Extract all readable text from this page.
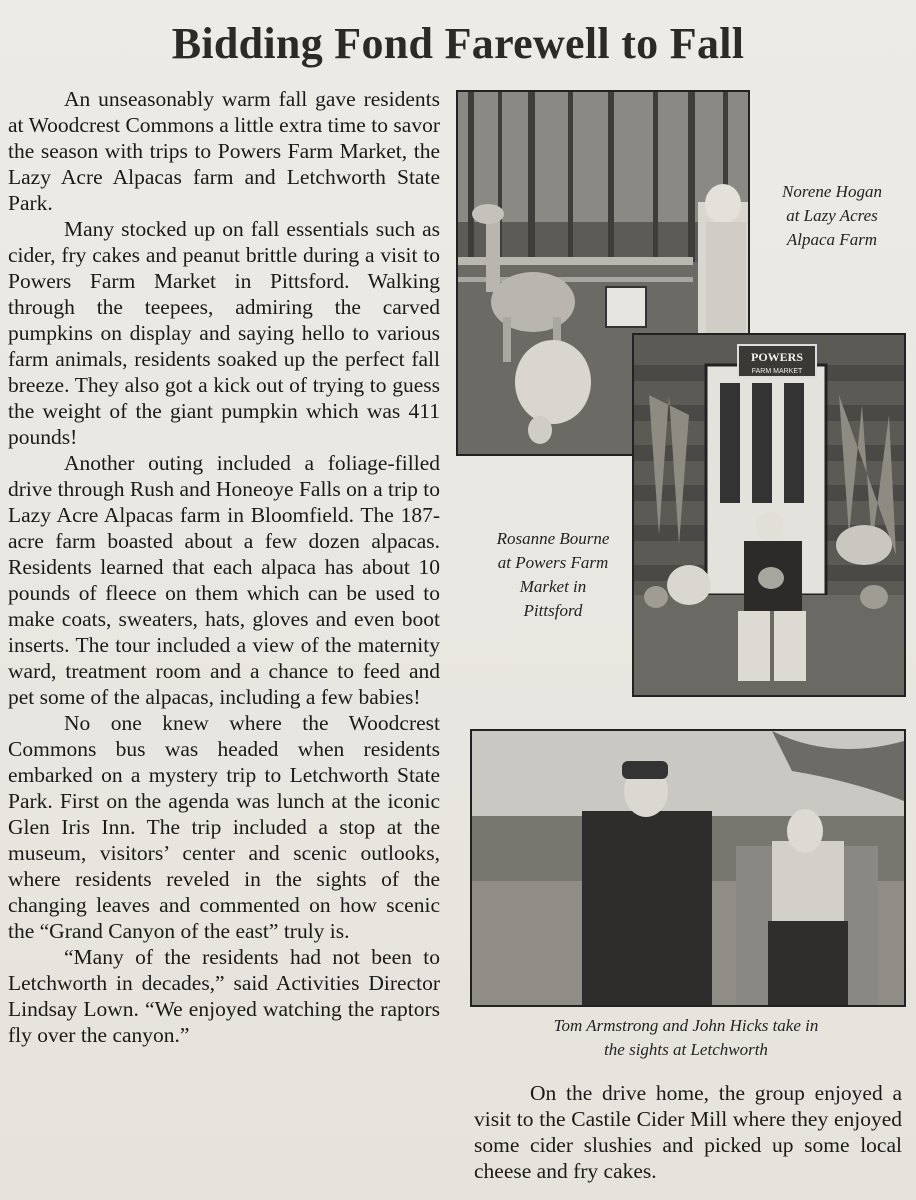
Bidding Fond Farewell to Fall

An unseasonably warm fall gave residents at Woodcrest Commons a little extra time to savor the season with trips to Powers Farm Market, the Lazy Acre Alpacas farm and Letchworth State Park.

Many stocked up on fall essentials such as cider, fry cakes and peanut brittle during a visit to Powers Farm Market in Pittsford. Walking through the teepees, admiring the carved pumpkins on display and saying hello to various farm animals, residents soaked up the perfect fall breeze. They also got a kick out of trying to guess the weight of the giant pumpkin which was 411 pounds!

Another outing included a foliage-filled drive through Rush and Honeoye Falls on a trip to Lazy Acre Alpacas farm in Bloomfield. The 187-acre farm boasted about a few dozen alpacas. Residents learned that each alpaca has about 10 pounds of fleece on them which can be used to make coats, sweaters, hats, gloves and even boot inserts. The tour included a view of the maternity ward, treatment room and a chance to feed and pet some of the alpacas, including a few babies!

No one knew where the Woodcrest Commons bus was headed when residents embarked on a mystery trip to Letchworth State Park. First on the agenda was lunch at the iconic Glen Iris Inn. The trip included a stop at the museum, visitors’ center and scenic outlooks, where residents reveled in the sights of the changing leaves and commented on how scenic the “Grand Canyon of the east” truly is.

“Many of the residents had not been to Letchworth in decades,” said Activities Director Lindsay Lown. “We enjoyed watching the raptors fly over the canyon.”

Norene Hogan
at Lazy Acres
Alpaca Farm
POWERS
FARM MARKET
Rosanne Bourne
at Powers Farm
Market in
Pittsford
Tom Armstrong and John Hicks take in
the sights at Letchworth

On the drive home, the group enjoyed a visit to the Castile Cider Mill where they enjoyed some cider slushies and picked up some local cheese and fry cakes.
